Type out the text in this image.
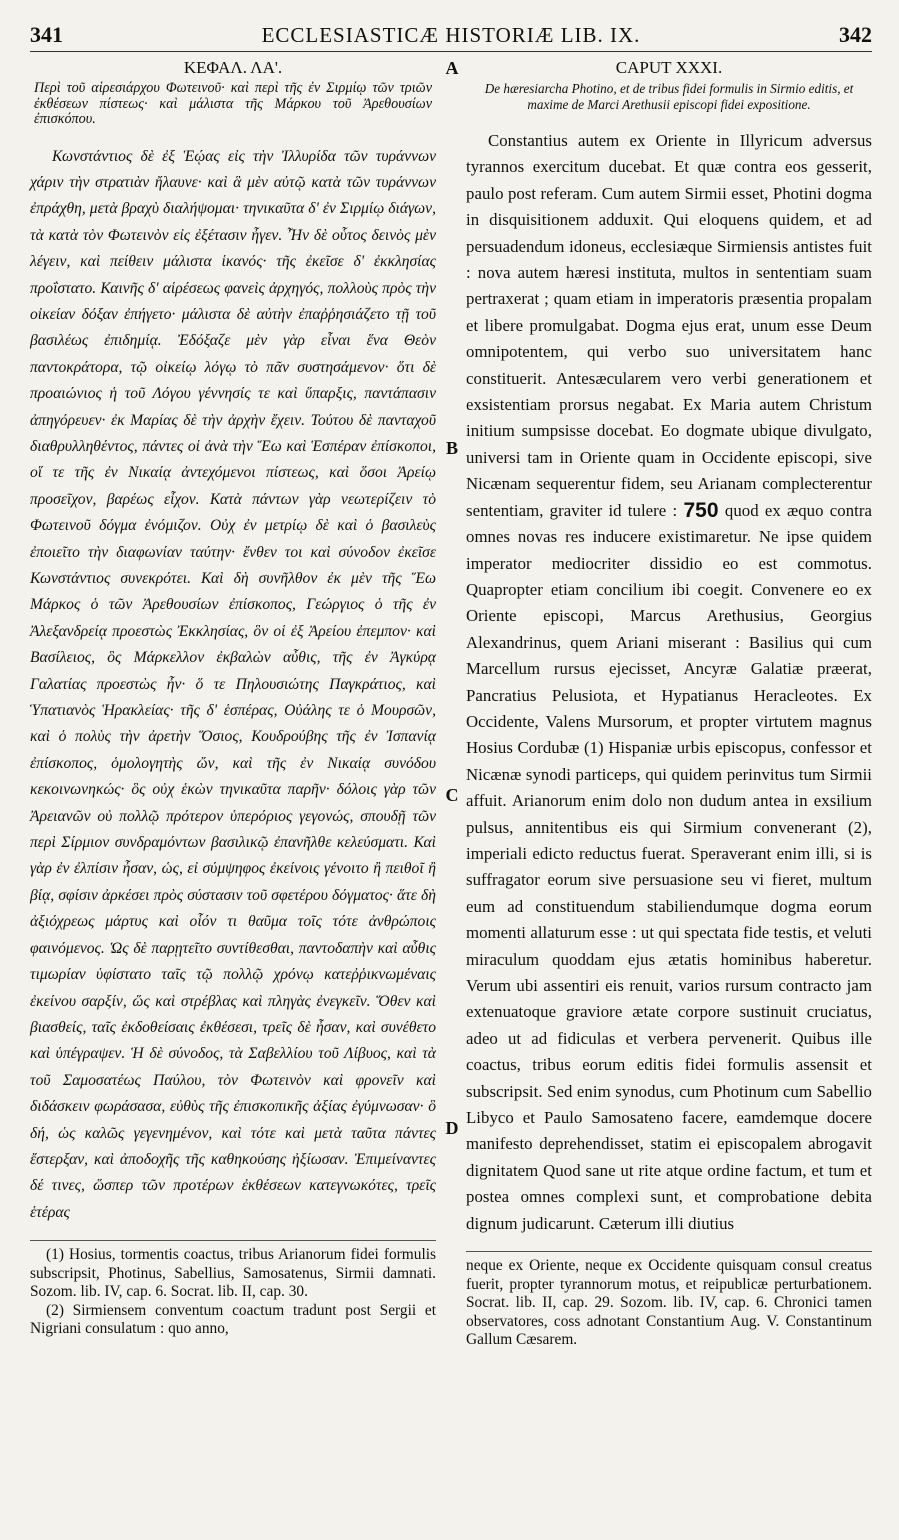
341	ECCLESIASTICÆ HISTORIÆ LIB. IX.	342
A
B
C
D
ΚΕΦΑΛ. ΛΑ'.

Περὶ τοῦ αἱρεσιάρχου Φωτεινοῦ· καὶ περὶ τῆς ἐν Σιρμίῳ τῶν τριῶν ἐκθέσεων πίστεως· καὶ μάλιστα τῆς Μάρκου τοῦ Ἀρεθουσίων ἐπισκόπου.

Κωνστάντιος δὲ ἐξ Ἑῴας εἰς τὴν Ἰλλυρίδα τῶν τυράννων χάριν τὴν στρατιὰν ἤλαυνε· καὶ ἃ μὲν αὐτῷ κατὰ τῶν τυράννων ἐπράχθη, μετὰ βραχὺ διαλήψομαι· τηνικαῦτα δ' ἐν Σιρμίῳ διάγων, τὰ κατὰ τὸν Φωτεινὸν εἰς ἐξέτασιν ἦγεν. Ἦν δὲ οὗτος δεινὸς μὲν λέγειν, καὶ πείθειν μάλιστα ἱκανός· τῆς ἐκεῖσε δ' ἐκκλησίας προΐστατο. Καινῆς δ' αἱρέσεως φανεὶς ἀρχηγός, πολλοὺς πρὸς τὴν οἰκείαν δόξαν ἐπήγετο· μάλιστα δὲ αὐτὴν ἐπαῤῥησιάζετο τῇ τοῦ βασιλέως ἐπιδημίᾳ. Ἐδόξαζε μὲν γὰρ εἶναι ἕνα Θεὸν παντοκράτορα, τῷ οἰκείῳ λόγῳ τὸ πᾶν συστησάμενον· ὅτι δὲ προαιώνιος ἡ τοῦ Λόγου γέννησίς τε καὶ ὕπαρξις, παντάπασιν ἀπηγόρευεν· ἐκ Μαρίας δὲ τὴν ἀρχὴν ἔχειν. Τούτου δὲ πανταχοῦ διαθρυλληθέντος, πάντες οἱ ἀνὰ τὴν Ἕω καὶ Ἑσπέραν ἐπίσκοποι, οἵ τε τῆς ἐν Νικαίᾳ ἀντεχόμενοι πίστεως, καὶ ὅσοι Ἀρείῳ προσεῖχον, βαρέως εἶχον. Κατὰ πάντων γὰρ νεωτερίζειν τὸ Φωτεινοῦ δόγμα ἐνόμιζον. Οὐχ ἐν μετρίῳ δὲ καὶ ὁ βασιλεὺς ἐποιεῖτο τὴν διαφωνίαν ταύτην· ἔνθεν τοι καὶ σύνοδον ἐκεῖσε Κωνστάντιος συνεκρότει. Καὶ δὴ συνῆλθον ἐκ μὲν τῆς Ἕω Μάρκος ὁ τῶν Ἀρεθουσίων ἐπίσκοπος, Γεώργιος ὁ τῆς ἐν Ἀλεξανδρείᾳ προεστὼς Ἐκκλησίας, ὃν οἱ ἐξ Ἀρείου ἐπεμπον· καὶ Βασίλειος, ὃς Μάρκελλον ἐκβαλὼν αὖθις, τῆς ἐν Ἀγκύρᾳ Γαλατίας προεστὼς ἦν· ὅ τε Πηλουσιώτης Παγκράτιος, καὶ Ὑπατιανὸς Ἡρακλείας· τῆς δ' ἑσπέρας, Οὐάλης τε ὁ Μουρσῶν, καὶ ὁ πολὺς τὴν ἀρετὴν Ὅσιος, Κουδρούβης τῆς ἐν Ἰσπανίᾳ ἐπίσκοπος, ὁμολογητὴς ὤν, καὶ τῆς ἐν Νικαίᾳ συνόδου κεκοινωνηκώς· ὃς οὐχ ἑκὼν τηνικαῦτα παρῆν· δόλοις γὰρ τῶν Ἀρειανῶν οὐ πολλῷ πρότερον ὑπερόριος γεγονώς, σπουδῇ τῶν περὶ Σίρμιον συνδραμόντων βασιλικῷ ἐπανῆλθε κελεύσματι. Καὶ γὰρ ἐν ἐλπίσιν ἦσαν, ὡς, εἰ σύμψηφος ἐκείνοις γένοιτο ἢ πειθοῖ ἢ βίᾳ, σφίσιν ἀρκέσει πρὸς σύστασιν τοῦ σφετέρου δόγματος· ἅτε δὴ ἀξιόχρεως μάρτυς καὶ οἷόν τι θαῦμα τοῖς τότε ἀνθρώποις φαινόμενος. Ὡς δὲ παρῃτεῖτο συντίθεσθαι, παντοδαπὴν καὶ αὖθις τιμωρίαν ὑφίστατο ταῖς τῷ πολλῷ χρόνῳ κατεῤῥικνωμέναις ἐκείνου σαρξίν, ὥς καὶ στρέβλας καὶ πληγὰς ἐνεγκεῖν. Ὅθεν καὶ βιασθείς, ταῖς ἐκδοθείσαις ἐκθέσεσι, τρεῖς δὲ ἦσαν, καὶ συνέθετο καὶ ὑπέγραψεν. Ἡ δὲ σύνοδος, τὰ Σαβελλίου τοῦ Λίβυος, καὶ τὰ τοῦ Σαμοσατέως Παύλου, τὸν Φωτεινὸν καὶ φρονεῖν καὶ διδάσκειν φωράσασα, εὐθὺς τῆς ἐπισκοπικῆς ἀξίας ἐγύμνωσαν· ὃ δή, ὡς καλῶς γεγενημένον, καὶ τότε καὶ μετὰ ταῦτα πάντες ἔστερξαν, καὶ ἀποδοχῆς τῆς καθηκούσης ἠξίωσαν. Ἐπιμείναντες δέ τινες, ὥσπερ τῶν προτέρων ἐκθέσεων κατεγνωκότες, τρεῖς ἑτέρας

(1) Hosius, tormentis coactus, tribus Arianorum fidei formulis subscripsit, Photinus, Sabellius, Samosatenus, Sirmii damnati. Sozom. lib. IV, cap. 6. Socrat. lib. II, cap. 30.

(2) Sirmiensem conventum coactum tradunt post Sergii et Nigriani consulatum : quo anno,

CAPUT XXXI.

De hæresiarcha Photino, et de tribus fidei formulis in Sirmio editis, et maxime de Marci Arethusii episcopi fidei expositione.

Constantius autem ex Oriente in Illyricum adversus tyrannos exercitum ducebat. Et quæ contra eos gesserit, paulo post referam. Cum autem Sirmii esset, Photini dogma in disquisitionem adduxit. Qui eloquens quidem, et ad persuadendum idoneus, ecclesiæque Sirmiensis antistes fuit : nova autem hæresi instituta, multos in sententiam suam pertraxerat ; quam etiam in imperatoris præsentia propalam et libere promulgabat. Dogma ejus erat, unum esse Deum omnipotentem, qui verbo suo universitatem hanc constituerit. Antesæcularem vero verbi generationem et exsistentiam prorsus negabat. Ex Maria autem Christum initium sumpsisse docebat. Eo dogmate ubique divulgato, universi tam in Oriente quam in Occidente episcopi, sive Nicænam sequerentur fidem, seu Arianam complecterentur sententiam, graviter id tulere : 750 quod ex æquo contra omnes novas res inducere existimaretur. Ne ipse quidem imperator mediocriter dissidio eo est commotus. Quapropter etiam concilium ibi coegit. Convenere eo ex Oriente episcopi, Marcus Arethusius, Georgius Alexandrinus, quem Ariani miserant : Basilius qui cum Marcellum rursus ejecisset, Ancyræ Galatiæ præerat, Pancratius Pelusiota, et Hypatianus Heracleotes. Ex Occidente, Valens Mursorum, et propter virtutem magnus Hosius Cordubæ (1) Hispaniæ urbis episcopus, confessor et Nicænæ synodi particeps, qui quidem perinvitus tum Sirmii affuit. Arianorum enim dolo non dudum antea in exsilium pulsus, annitentibus eis qui Sirmium convenerant (2), imperiali edicto reductus fuerat. Speraverant enim illi, si is suffragator eorum sive persuasione seu vi fieret, multum eum ad constituendum stabiliendumque dogma eorum momenti allaturum esse : ut qui spectata fide testis, et veluti miraculum quoddam ejus ætatis hominibus haberetur. Verum ubi assentiri eis renuit, varios rursum contracto jam extenuatoque graviore ætate corpore sustinuit cruciatus, adeo ut ad fidiculas et verbera pervenerit. Quibus ille coactus, tribus eorum editis fidei formulis assensit et subscripsit. Sed enim synodus, cum Photinum cum Sabellio Libyco et Paulo Samosateno facere, eamdemque docere manifesto deprehendisset, statim ei episcopalem abrogavit dignitatem Quod sane ut rite atque ordine factum, et tum et postea omnes complexi sunt, et comprobatione debita dignum judicarunt. Cæterum illi diutius

neque ex Oriente, neque ex Occidente quisquam consul creatus fuerit, propter tyrannorum motus, et reipublicæ perturbationem. Socrat. lib. II, cap. 29. Sozom. lib. IV, cap. 6. Chronici tamen observatores, coss adnotant Constantium Aug. V. Constantinum Gallum Cæsarem.
